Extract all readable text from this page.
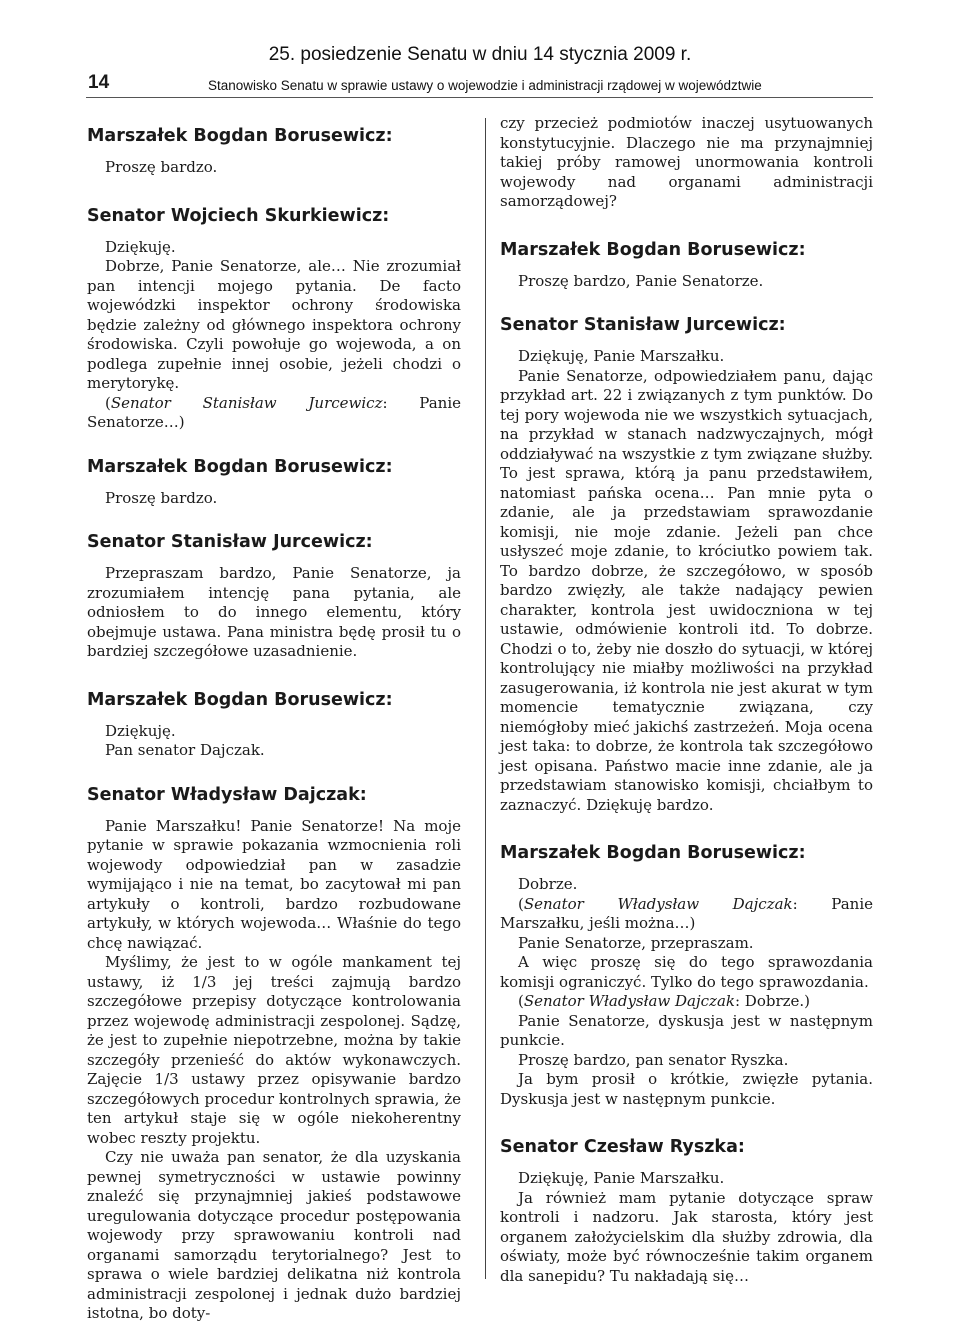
25. posiedzenie Senatu w dniu 14 stycznia 2009 r.
14	Stanowisko Senatu w sprawie ustawy o wojewodzie i administracji rządowej w województwie

Marszałek Bogdan Borusewicz:

Proszę bardzo.

Senator Wojciech Skurkiewicz:

Dziękuję.

Dobrze, Panie Senatorze, ale… Nie zrozumiał pan intencji mojego pytania. De facto wojewódzki inspektor ochrony środowiska będzie zależny od głównego inspektora ochrony środowiska. Czyli powołuje go wojewoda, a on podlega zupełnie innej osobie, jeżeli chodzi o merytorykę.

(Senator Stanisław Jurcewicz: Panie Senatorze…)

Marszałek Bogdan Borusewicz:

Proszę bardzo.

Senator Stanisław Jurcewicz:

Przepraszam bardzo, Panie Senatorze, ja zrozumiałem intencję pana pytania, ale odniosłem to do innego elementu, który obejmuje ustawa. Pana ministra będę prosił tu o bardziej szczegółowe uzasadnienie.

Marszałek Bogdan Borusewicz:

Dziękuję.

Pan senator Dajczak.

Senator Władysław Dajczak:

Panie Marszałku! Panie Senatorze! Na moje pytanie w sprawie pokazania wzmocnienia roli wojewody odpowiedział pan w zasadzie wymijająco i nie na temat, bo zacytował mi pan artykuły o kontroli, bardzo rozbudowane artykuły, w których wojewoda… Właśnie do tego chcę nawiązać.

Myślimy, że jest to w ogóle mankament tej ustawy, iż 1/3 jej treści zajmują bardzo szczegółowe przepisy dotyczące kontrolowania przez wojewodę administracji zespolonej. Sądzę, że jest to zupełnie niepotrzebne, można by takie szczegóły przenieść do aktów wykonawczych. Zajęcie 1/3 ustawy przez opisywanie bardzo szczegółowych procedur kontrolnych sprawia, że ten artykuł staje się w ogóle niekoherentny wobec reszty projektu.

Czy nie uważa pan senator, że dla uzyskania pewnej symetryczności w ustawie powinny znaleźć się przynajmniej jakieś podstawowe uregulowania dotyczące procedur postępowania wojewody przy sprawowaniu kontroli nad organami samorządu terytorialnego? Jest to sprawa o wiele bardziej delikatna niż kontrola administracji zespolonej i jednak dużo bardziej istotna, bo doty-

czy przecież podmiotów inaczej usytuowanych konstytucyjnie. Dlaczego nie ma przynajmniej takiej próby ramowej unormowania kontroli wojewody nad organami administracji samorządowej?

Marszałek Bogdan Borusewicz:

Proszę bardzo, Panie Senatorze.

Senator Stanisław Jurcewicz:

Dziękuję, Panie Marszałku.

Panie Senatorze, odpowiedziałem panu, dając przykład art. 22 i związanych z tym punktów. Do tej pory wojewoda nie we wszystkich sytuacjach, na przykład w stanach nadzwyczajnych, mógł oddziaływać na wszystkie z tym związane służby. To jest sprawa, którą ja panu przedstawiłem, natomiast pańska ocena… Pan mnie pyta o zdanie, ale ja przedstawiam sprawozdanie komisji, nie moje zdanie. Jeżeli pan chce usłyszeć moje zdanie, to króciutko powiem tak. To bardzo dobrze, że szczegółowo, w sposób bardzo zwięzły, ale także nadający pewien charakter, kontrola jest uwidoczniona w tej ustawie, odmówienie kontroli itd. To dobrze. Chodzi o to, żeby nie doszło do sytuacji, w której kontrolujący nie miałby możliwości na przykład zasugerowania, iż kontrola nie jest akurat w tym momencie tematycznie związana, czy niemógłoby mieć jakichś zastrzeżeń. Moja ocena jest taka: to dobrze, że kontrola tak szczegółowo jest opisana. Państwo macie inne zdanie, ale ja przedstawiam stanowisko komisji, chciałbym to zaznaczyć. Dziękuję bardzo.

Marszałek Bogdan Borusewicz:

Dobrze.

(Senator Władysław Dajczak: Panie Marszałku, jeśli można…)

Panie Senatorze, przepraszam.

A więc proszę się do tego sprawozdania komisji ograniczyć. Tylko do tego sprawozdania.

(Senator Władysław Dajczak: Dobrze.)

Panie Senatorze, dyskusja jest w następnym punkcie.

Proszę bardzo, pan senator Ryszka.

Ja bym prosił o krótkie, zwięzłe pytania. Dyskusja jest w następnym punkcie.

Senator Czesław Ryszka:

Dziękuję, Panie Marszałku.

Ja również mam pytanie dotyczące spraw kontroli i nadzoru. Jak starosta, który jest organem założycielskim dla służby zdrowia, dla oświaty, może być równocześnie takim organem dla sanepidu? Tu nakładają się…
